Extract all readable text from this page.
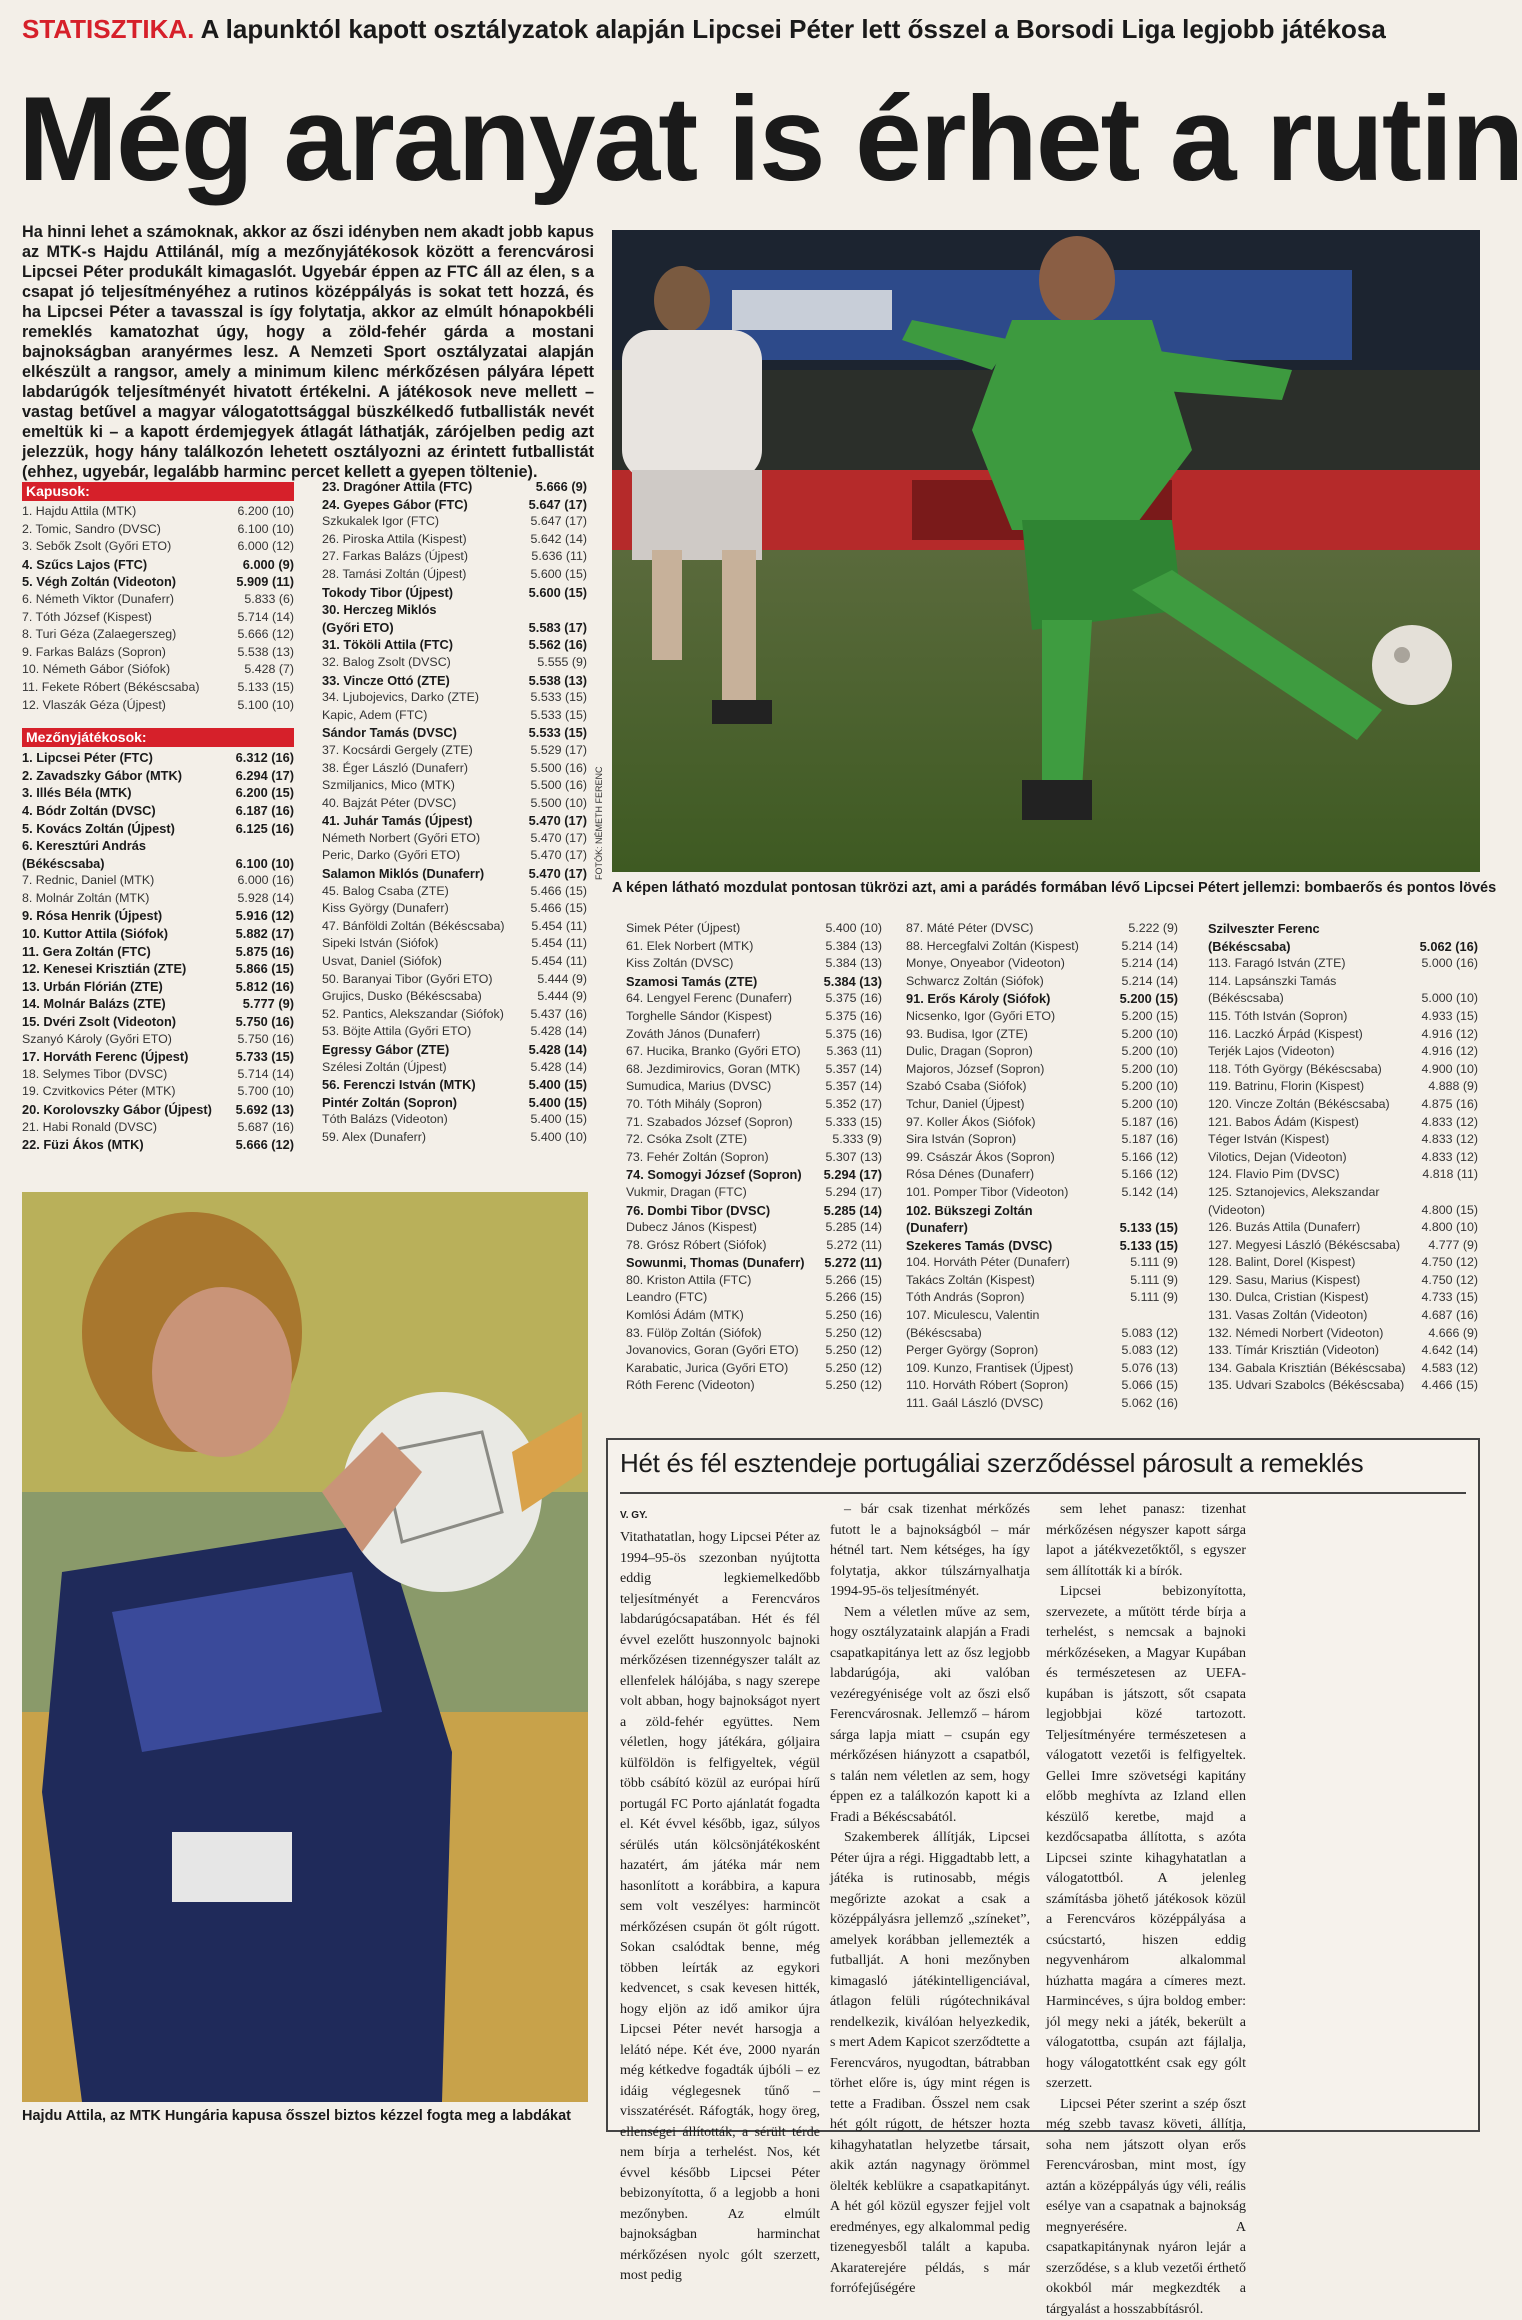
STATISZTIKA. A lapunktól kapott osztályzatok alapján Lipcsei Péter lett ősszel a Borsodi Liga legjobb játékosa
Még aranyat is érhet a rutin
Ha hinni lehet a számoknak, akkor az őszi idényben nem akadt jobb kapus az MTK-s Hajdu Attilánál, míg a mezőnyjátékosok között a ferencvárosi Lipcsei Péter produkált kimagaslót. Ugyebár éppen az FTC áll az élen, s a csapat jó teljesítményéhez a rutinos középpályás is sokat tett hozzá, és ha Lipcsei Péter a tavasszal is így folytatja, akkor az elmúlt hónapokbéli remeklés kamatozhat úgy, hogy a zöld-fehér gárda a mostani bajnokságban aranyérmes lesz. A Nemzeti Sport osztályzatai alapján elkészült a rangsor, amely a minimum kilenc mérkőzésen pályára lépett labdarúgók teljesítményét hivatott értékelni. A játékosok neve mellett – vastag betűvel a magyar válogatottsággal büszkélkedő futballisták nevét emeltük ki – a kapott érdemjegyek átlagát láthatják, zárójelben pedig azt jelezzük, hogy hány találkozón lehetett osztályozni az érintett futballistát (ehhez, ugyebár, legalább harminc percet kellett a gyepen töltenie).
FOTÓK: NÉMETH FERENC
A képen látható mozdulat pontosan tükrözi azt, ami a parádés formában lévő Lipcsei Pétert jellemzi: bombaerős és pontos lövés
Kapusok:
1. Hajdu Attila (MTK)	6.200 (10)
2. Tomic, Sandro (DVSC)	6.100 (10)
3. Sebők Zsolt (Győri ETO)	6.000 (12)
4. Szűcs Lajos (FTC)	6.000 (9)
5. Végh Zoltán (Videoton)	5.909 (11)
6. Németh Viktor (Dunaferr)	5.833 (6)
7. Tóth József (Kispest)	5.714 (14)
8. Turi Géza (Zalaegerszeg)	5.666 (12)
9. Farkas Balázs (Sopron)	5.538 (13)
10. Németh Gábor (Siófok)	5.428 (7)
11. Fekete Róbert (Békéscsaba)	5.133 (15)
12. Vlaszák Géza (Újpest)	5.100 (10)
Mezőnyjátékosok:
1. Lipcsei Péter (FTC)	6.312 (16)
2. Zavadszky Gábor (MTK)	6.294 (17)
3. Illés Béla (MTK)	6.200 (15)
4. Bódr Zoltán (DVSC)	6.187 (16)
5. Kovács Zoltán (Újpest)	6.125 (16)
6. Keresztúri András
(Békéscsaba)	6.100 (10)
7. Rednic, Daniel (MTK)	6.000 (16)
8. Molnár Zoltán (MTK)	5.928 (14)
9. Rósa Henrik (Újpest)	5.916 (12)
10. Kuttor Attila (Siófok)	5.882 (17)
11. Gera Zoltán (FTC)	5.875 (16)
12. Kenesei Krisztián (ZTE)	5.866 (15)
13. Urbán Flórián (ZTE)	5.812 (16)
14. Molnár Balázs (ZTE)	5.777 (9)
15. Dvéri Zsolt (Videoton)	5.750 (16)
Szanyó Károly (Győri ETO)	5.750 (16)
17. Horváth Ferenc (Újpest)	5.733 (15)
18. Selymes Tibor (DVSC)	5.714 (14)
19. Czvitkovics Péter (MTK)	5.700 (10)
20. Korolovszky Gábor (Újpest)	5.692 (13)
21. Habi Ronald (DVSC)	5.687 (16)
22. Füzi Ákos (MTK)	5.666 (12)
23. Dragóner Attila (FTC)	5.666 (9)
24. Gyepes Gábor (FTC)	5.647 (17)
Szkukalek Igor (FTC)	5.647 (17)
26. Piroska Attila (Kispest)	5.642 (14)
27. Farkas Balázs (Újpest)	5.636 (11)
28. Tamási Zoltán (Újpest)	5.600 (15)
Tokody Tibor (Újpest)	5.600 (15)
30. Herczeg Miklós
(Győri ETO)	5.583 (17)
31. Tököli Attila (FTC)	5.562 (16)
32. Balog Zsolt (DVSC)	5.555 (9)
33. Vincze Ottó (ZTE)	5.538 (13)
34. Ljubojevics, Darko (ZTE)	5.533 (15)
Kapic, Adem (FTC)	5.533 (15)
Sándor Tamás (DVSC)	5.533 (15)
37. Kocsárdi Gergely (ZTE)	5.529 (17)
38. Éger László (Dunaferr)	5.500 (16)
Szmiljanics, Mico (MTK)	5.500 (16)
40. Bajzát Péter (DVSC)	5.500 (10)
41. Juhár Tamás (Újpest)	5.470 (17)
Németh Norbert (Győri ETO)	5.470 (17)
Peric, Darko (Győri ETO)	5.470 (17)
Salamon Miklós (Dunaferr)	5.470 (17)
45. Balog Csaba (ZTE)	5.466 (15)
Kiss György (Dunaferr)	5.466 (15)
47. Bánföldi Zoltán (Békéscsaba)	5.454 (11)
Sipeki István (Siófok)	5.454 (11)
Usvat, Daniel (Siófok)	5.454 (11)
50. Baranyai Tibor (Győri ETO)	5.444 (9)
Grujics, Dusko (Békéscsaba)	5.444 (9)
52. Pantics, Alekszandar (Siófok)	5.437 (16)
53. Böjte Attila (Győri ETO)	5.428 (14)
Egressy Gábor (ZTE)	5.428 (14)
Szélesi Zoltán (Újpest)	5.428 (14)
56. Ferenczi István (MTK)	5.400 (15)
Pintér Zoltán (Sopron)	5.400 (15)
Tóth Balázs (Videoton)	5.400 (15)
59. Alex (Dunaferr)	5.400 (10)
Simek Péter (Újpest)	5.400 (10)
61. Elek Norbert (MTK)	5.384 (13)
Kiss Zoltán (DVSC)	5.384 (13)
Szamosi Tamás (ZTE)	5.384 (13)
64. Lengyel Ferenc (Dunaferr)	5.375 (16)
Torghelle Sándor (Kispest)	5.375 (16)
Zováth János (Dunaferr)	5.375 (16)
67. Hucika, Branko (Győri ETO)	5.363 (11)
68. Jezdimirovics, Goran (MTK)	5.357 (14)
Sumudica, Marius (DVSC)	5.357 (14)
70. Tóth Mihály (Sopron)	5.352 (17)
71. Szabados József (Sopron)	5.333 (15)
72. Csóka Zsolt (ZTE)	5.333 (9)
73. Fehér Zoltán (Sopron)	5.307 (13)
74. Somogyi József (Sopron)	5.294 (17)
Vukmir, Dragan (FTC)	5.294 (17)
76. Dombi Tibor (DVSC)	5.285 (14)
Dubecz János (Kispest)	5.285 (14)
78. Grósz Róbert (Siófok)	5.272 (11)
Sowunmi, Thomas (Dunaferr)	5.272 (11)
80. Kriston Attila (FTC)	5.266 (15)
Leandro (FTC)	5.266 (15)
Komlósi Ádám (MTK)	5.250 (16)
83. Fülöp Zoltán (Siófok)	5.250 (12)
Jovanovics, Goran (Győri ETO)	5.250 (12)
Karabatic, Jurica (Győri ETO)	5.250 (12)
Róth Ferenc (Videoton)	5.250 (12)
87. Máté Péter (DVSC)	5.222 (9)
88. Hercegfalvi Zoltán (Kispest)	5.214 (14)
Monye, Onyeabor (Videoton)	5.214 (14)
Schwarcz Zoltán (Siófok)	5.214 (14)
91. Erős Károly (Siófok)	5.200 (15)
Nicsenko, Igor (Győri ETO)	5.200 (15)
93. Budisa, Igor (ZTE)	5.200 (10)
Dulic, Dragan (Sopron)	5.200 (10)
Majoros, József (Sopron)	5.200 (10)
Szabó Csaba (Siófok)	5.200 (10)
Tchur, Daniel (Újpest)	5.200 (10)
97. Koller Ákos (Siófok)	5.187 (16)
Sira István (Sopron)	5.187 (16)
99. Császár Ákos (Sopron)	5.166 (12)
Rósa Dénes (Dunaferr)	5.166 (12)
101. Pomper Tibor (Videoton)	5.142 (14)
102. Bükszegi Zoltán
(Dunaferr)	5.133 (15)
Szekeres Tamás (DVSC)	5.133 (15)
104. Horváth Péter (Dunaferr)	5.111 (9)
Takács Zoltán (Kispest)	5.111 (9)
Tóth András (Sopron)	5.111 (9)
107. Miculescu, Valentin
(Békéscsaba)	5.083 (12)
Perger György (Sopron)	5.083 (12)
109. Kunzo, Frantisek (Újpest)	5.076 (13)
110. Horváth Róbert (Sopron)	5.066 (15)
111. Gaál László (DVSC)	5.062 (16)
Szilveszter Ferenc
(Békéscsaba)	5.062 (16)
113. Faragó István (ZTE)	5.000 (16)
114. Lapsánszki Tamás
(Békéscsaba)	5.000 (10)
115. Tóth István (Sopron)	4.933 (15)
116. Laczkó Árpád (Kispest)	4.916 (12)
Terjék Lajos (Videoton)	4.916 (12)
118. Tóth György (Békéscsaba)	4.900 (10)
119. Batrinu, Florin (Kispest)	4.888 (9)
120. Vincze Zoltán (Békéscsaba)	4.875 (16)
121. Babos Ádám (Kispest)	4.833 (12)
Téger István (Kispest)	4.833 (12)
Vilotics, Dejan (Videoton)	4.833 (12)
124. Flavio Pim (DVSC)	4.818 (11)
125. Sztanojevics, Alekszandar
(Videoton)	4.800 (15)
126. Buzás Attila (Dunaferr)	4.800 (10)
127. Megyesi László (Békéscsaba)	4.777 (9)
128. Balint, Dorel (Kispest)	4.750 (12)
129. Sasu, Marius (Kispest)	4.750 (12)
130. Dulca, Cristian (Kispest)	4.733 (15)
131. Vasas Zoltán (Videoton)	4.687 (16)
132. Némedi Norbert (Videoton)	4.666 (9)
133. Tímár Krisztián (Videoton)	4.642 (14)
134. Gabala Krisztián (Békéscsaba)	4.583 (12)
135. Udvari Szabolcs (Békéscsaba)	4.466 (15)
Hajdu Attila, az MTK Hungária kapusa ősszel biztos kézzel fogta meg a labdákat
Hét és fél esztendeje portugáliai szerződéssel párosult a remeklés
V. GY.

Vitathatatlan, hogy Lipcsei Péter az 1994–95-ös szezonban nyújtotta eddig legkiemelkedőbb teljesítményét a Ferencváros labdarúgócsapatában. Hét és fél évvel ezelőtt huszonnyolc bajnoki mérkőzésen tizennégyszer talált az ellenfelek hálójába, s nagy szerepe volt abban, hogy bajnokságot nyert a zöld-fehér együttes. Nem véletlen, hogy játékára, góljaira külföldön is felfigyeltek, végül több csábító közül az európai hírű portugál FC Porto ajánlatát fogadta el. Két évvel később, igaz, súlyos sérülés után kölcsönjátékosként hazatért, ám játéka már nem hasonlított a korábbira, a kapura sem volt veszélyes: harmincöt mérkőzésen csupán öt gólt rúgott. Sokan csalódtak benne, még többen leírták az egykori kedvencet, s csak kevesen hitték, hogy eljön az idő amikor újra Lipcsei Péter nevét harsogja a lelátó népe. Két éve, 2000 nyarán még kétkedve fogadták újbóli – ez idáig véglegesnek tűnő – visszatérését. Ráfogták, hogy öreg, ellenségei állították, a sérült térde nem bírja a terhelést. Nos, két évvel később Lipcsei Péter bebizonyította, ő a legjobb a honi mezőnyben. Az elmúlt bajnokságban harminchat mérkőzésen nyolc gólt szerzett, most pedig

– bár csak tizenhat mérkőzés futott le a bajnokságból – már hétnél tart. Nem kétséges, ha így folytatja, akkor túlszárnyalhatja 1994-95-ös teljesítményét.

Nem a véletlen műve az sem, hogy osztályzataink alapján a Fradi csapatkapitánya lett az ősz legjobb labdarúgója, aki valóban vezéregyénisége volt az őszi első Ferencvárosnak. Jellemző – három sárga lapja miatt – csupán egy mérkőzésen hiányzott a csapatból, s talán nem véletlen az sem, hogy éppen ez a találkozón kapott ki a Fradi a Békéscsabától.

Szakemberek állítják, Lipcsei Péter újra a régi. Higgadtabb lett, a játéka is rutinosabb, mégis megőrizte azokat a csak a középpályásra jellemző „színeket”, amelyek korábban jellemezték a futballját. A honi mezőnyben kimagasló játékintelligenciával, átlagon felüli rúgótechnikával rendelkezik, kiválóan helyezkedik, s mert Adem Kapicot szerződtette a Ferencváros, nyugodtan, bátrabban törhet előre is, úgy mint régen is tette a Fradiban. Ősszel nem csak hét gólt rúgott, de hétszer hozta kihagyhatatlan helyzetbe társait, akik aztán nagynagy örömmel ölelték keblükre a csapatkapitányt. A hét gól közül egyszer fejjel volt eredményes, egy alkalommal pedig tizenegyesből talált a kapuba. Akaraterejére példás, s már forrófejűségére

sem lehet panasz: tizenhat mérkőzésen négyszer kapott sárga lapot a játékvezetőktől, s egyszer sem állították ki a bírók.

Lipcsei bebizonyította, szervezete, a műtött térde bírja a terhelést, s nemcsak a bajnoki mérkőzéseken, a Magyar Kupában és természetesen az UEFA-kupában is játszott, sőt csapata legjobbjai közé tartozott. Teljesítményére természetesen a válogatott vezetői is felfigyeltek. Gellei Imre szövetségi kapitány előbb meghívta az Izland ellen készülő keretbe, majd a kezdőcsapatba állította, s azóta Lipcsei szinte kihagyhatatlan a válogatottból. A jelenleg számításba jöhető játékosok közül a Ferencváros középpályása a csúcstartó, hiszen eddig negyvenhárom alkalommal húzhatta magára a címeres mezt. Harmincéves, s újra boldog ember: jól megy neki a játék, bekerült a válogatottba, csupán azt fájlalja, hogy válogatottként csak egy gólt szerzett.

Lipcsei Péter szerint a szép őszt még szebb tavasz követi, állítja, soha nem játszott olyan erős Ferencvárosban, mint most, így aztán a középpályás úgy véli, reális esélye van a csapatnak a bajnokság megnyerésére. A csapatkapitánynak nyáron lejár a szerződése, s a klub vezetői érthető okokból már megkezdték a tárgyalást a hosszabbításról.
